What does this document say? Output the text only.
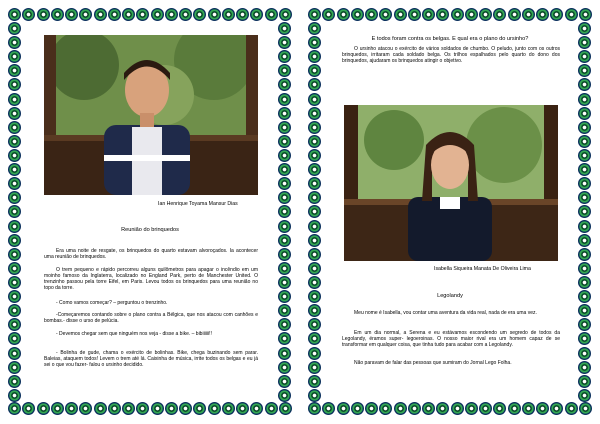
Ian Henrique Toyama Mansur Dias
Reunião do brinquedos

Era uma noite de resgate, os brinquedos do quarto estavam alvoroçados. Ia acontecer uma reunião de brinquedos.

O trem pequeno e rápido percorreu alguns quilômetros para apagar o incêndio em um moinho famoso da Inglaterra, localizado no England Park, perto de Manchester United. O trenzinho passou pela torre Eifel, em Paris. Levou todos os brinquedos para uma reunião no topo da torre.

- Como vamos começar? – perguntou o trenzinho.

-Começaremos contando sobre o plano contra a Bélgica, que nos atacou com canhões e bombas.- disse o urso de pelúcia.

- Devemos chegar sem que ninguém nos veja - disse a bike. – bibiiiiii!!

- Bolinha de gude, chama o exército de bolinhas. Bike, chega buzinando sem parar. Baleias, ataquem todos! Levem o trem até lá. Caixinha de música, irrite todos os belgas e eu já sei o que vou fazer- falou o ursinho decidido.

E todos foram contra os belgas. E qual era o plano do ursinho?

O ursinho atacou o exército de vários soldados de chumbo. O peludo, junto com os outros brinquedos, irritaram cada soldado belga. Os trilhos espalhados pelo quarto do dono dos brinquedos, ajudaram os brinquedos atingir o objetivo.

Isabella Siqueira Manata De Oliveira Lima
Legolandy

Meu nome é Isabella, vou contar uma aventura da vida real, nada de era uma vez.

Em um dia normal, a Serena e eu estávamos escondendo um segredo de todos da Legolandy, éramos super- legoeroinas. O nosso maior rival era um homem capaz de se transformar em qualquer coisa, que tinha tudo para acabar com a Legolandy.

Não paravam de falar das pessoas que sumiram do Jornal Lego Folha.
